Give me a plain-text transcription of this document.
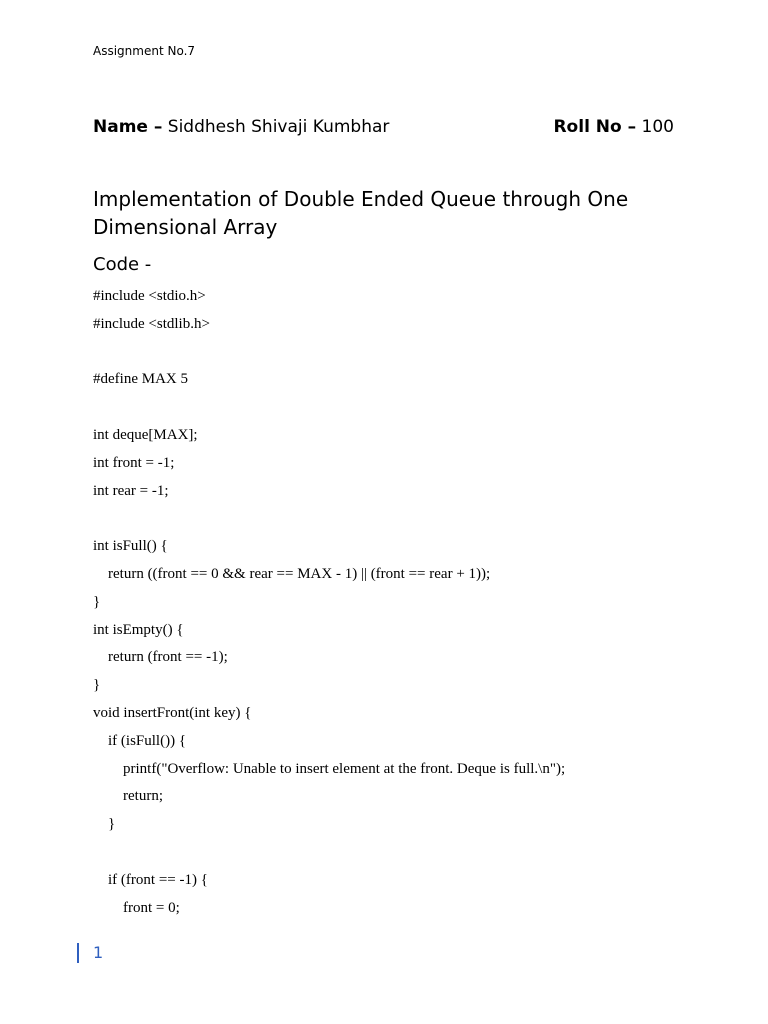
Assignment No.7
Name – Siddhesh Shivaji Kumbhar	Roll No – 100
Implementation of Double Ended Queue through One Dimensional Array
Code -
#include <stdio.h>
#include <stdlib.h>
#define MAX 5
int deque[MAX];
int front = -1;
int rear = -1;
int isFull() {
return ((front == 0 && rear == MAX - 1) || (front == rear + 1));
}
int isEmpty() {
return (front == -1);
}
void insertFront(int key) {
if (isFull()) {
printf("Overflow: Unable to insert element at the front. Deque is full.\n");
return;
}
if (front == -1) {
front = 0;
1
